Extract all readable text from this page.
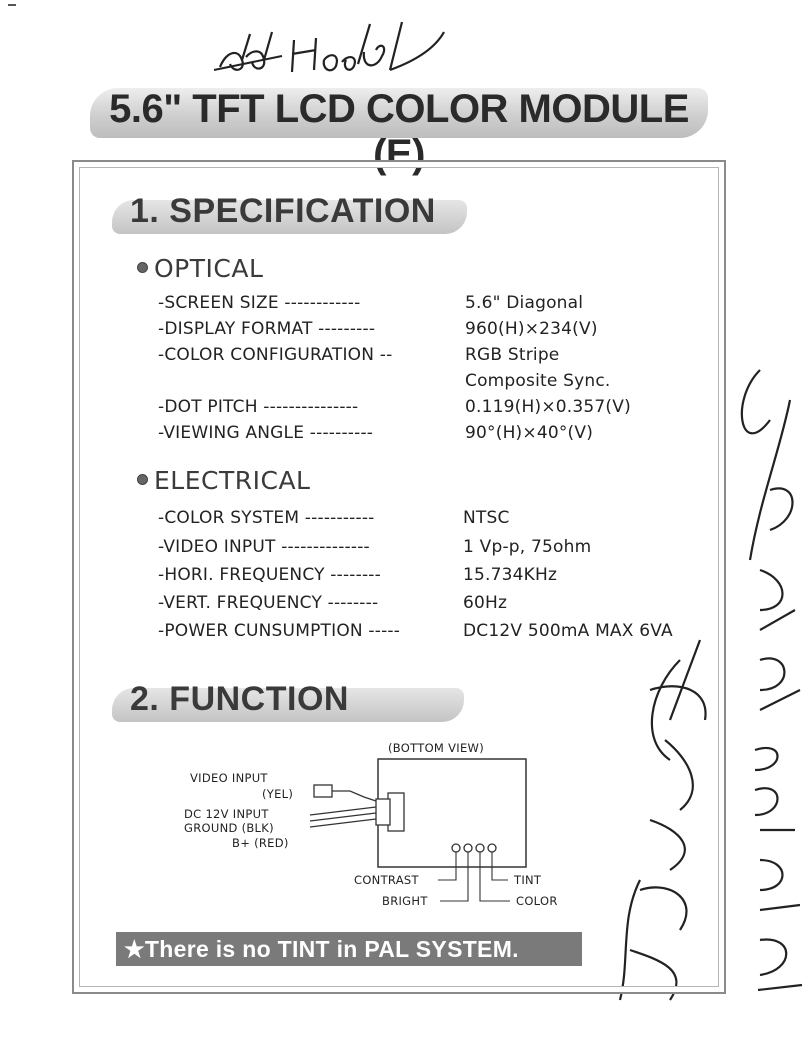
5.6" TFT LCD COLOR MODULE (E)
1. SPECIFICATION
OPTICAL
-SCREEN SIZE ------------	5.6" Diagonal
-DISPLAY FORMAT ---------	960(H)×234(V)
-COLOR CONFIGURATION --	RGB Stripe
Composite Sync.
-DOT PITCH ---------------	0.119(H)×0.357(V)
-VIEWING ANGLE ----------	90°(H)×40°(V)
ELECTRICAL
-COLOR SYSTEM -----------	NTSC
-VIDEO INPUT --------------	1 Vp-p, 75ohm
-HORI. FREQUENCY --------	15.734KHz
-VERT. FREQUENCY --------	60Hz
-POWER CUNSUMPTION -----	DC12V 500mA MAX 6VA
2. FUNCTION
(BOTTOM VIEW)
VIDEO INPUT
(YEL)
DC 12V INPUT
GROUND (BLK)
B+ (RED)
CONTRAST
BRIGHT
TINT
COLOR
★There is no TINT in PAL SYSTEM.
